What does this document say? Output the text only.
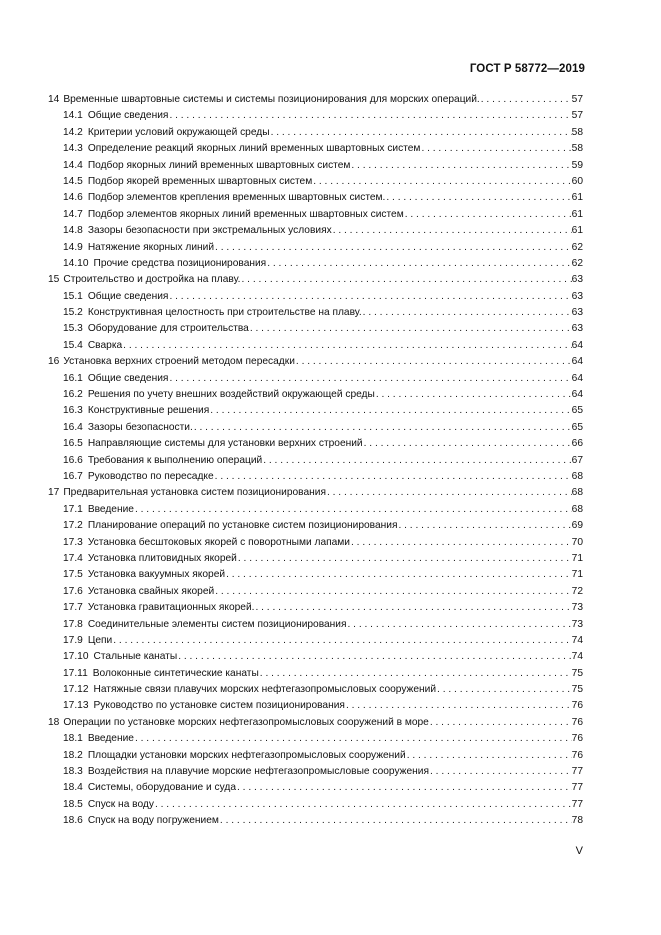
ГОСТ Р 58772—2019
14 Временные швартовные системы и системы позиционирования для морских операций. . . .	57
14.1 Общие сведения . . .	57
14.2 Критерии условий окружающей среды . . .	58
14.3 Определение реакций якорных линий временных швартовных систем . . .	58
14.4 Подбор якорных линий временных швартовных систем . . .	59
14.5 Подбор якорей временных швартовных систем . . .	60
14.6 Подбор элементов крепления временных швартовных систем. . . .	61
14.7 Подбор элементов якорных линий временных швартовных систем . . .	61
14.8 Зазоры безопасности при экстремальных условиях . . .	61
14.9 Натяжение якорных линий . . .	62
14.10 Прочие средства позиционирования . . .	62
15 Строительство и достройка на плаву. . . .	63
15.1 Общие сведения . . .	63
15.2 Конструктивная целостность при строительстве на плаву. . . .	63
15.3 Оборудование для строительства . . .	63
15.4 Сварка . . .	64
16 Установка верхних строений методом пересадки . . .	64
16.1 Общие сведения . . .	64
16.2 Решения по учету внешних воздействий окружающей среды . . .	64
16.3 Конструктивные решения . . .	65
16.4 Зазоры безопасности. . . .	65
16.5 Направляющие системы для установки верхних строений . . .	66
16.6 Требования к выполнению операций . . .	67
16.7 Руководство по пересадке . . .	68
17 Предварительная установка систем позиционирования . . .	68
17.1 Введение . . .	68
17.2 Планирование операций по установке систем позиционирования . . .	69
17.3 Установка бесштоковых якорей с поворотными лапами . . .	70
17.4 Установка плитовидных якорей . . .	71
17.5 Установка вакуумных якорей . . .	71
17.6 Установка свайных якорей . . .	72
17.7 Установка гравитационных якорей. . . .	73
17.8 Соединительные элементы систем позиционирования . . .	73
17.9 Цепи . . .	74
17.10 Стальные канаты . . .	74
17.11 Волоконные синтетические канаты . . .	75
17.12 Натяжные связи плавучих морских нефтегазопромысловых сооружений . . .	75
17.13 Руководство по установке систем позиционирования . . .	76
18 Операции по установке морских нефтегазопромысловых сооружений в море . . .	76
18.1 Введение . . .	76
18.2 Площадки установки морских нефтегазопромысловых сооружений . . .	76
18.3 Воздействия на плавучие морские нефтегазопромысловые сооружения . . .	77
18.4 Системы, оборудование и суда . . .	77
18.5 Спуск на воду . . .	77
18.6 Спуск на воду погружением . . .	78
V
